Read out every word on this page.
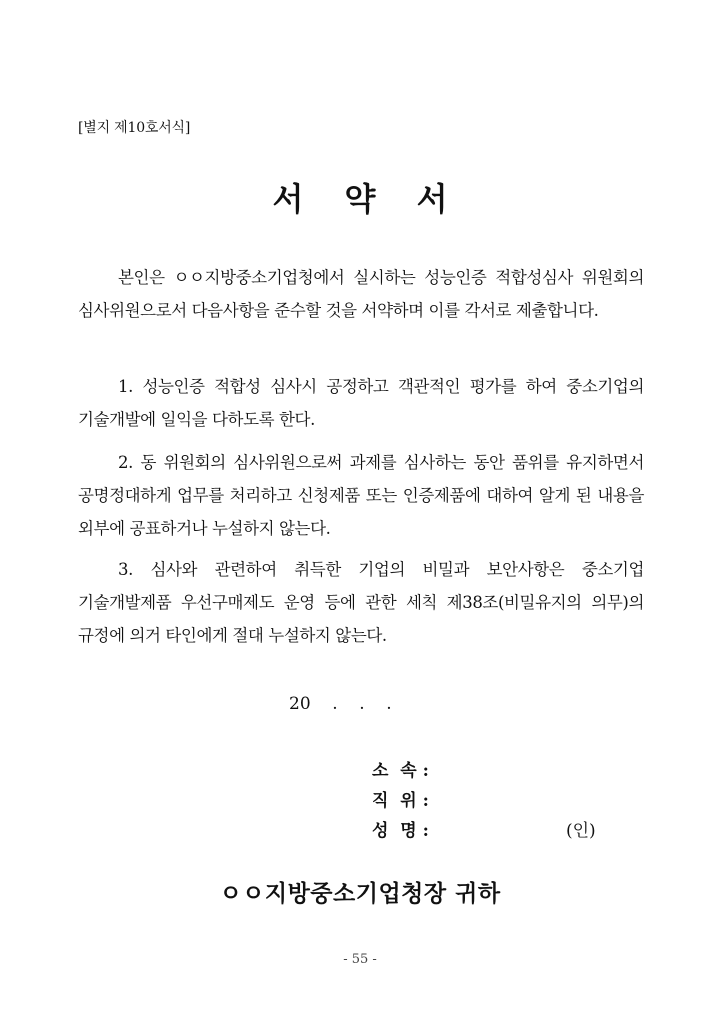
[별지 제10호서식]
서 약 서
본인은 ㅇㅇ지방중소기업청에서 실시하는 성능인증 적합성심사 위원회의 심사위원으로서 다음사항을 준수할 것을 서약하며 이를 각서로 제출합니다.
1. 성능인증 적합성 심사시 공정하고 객관적인 평가를 하여 중소기업의 기술개발에 일익을 다하도록 한다.
2. 동 위원회의 심사위원으로써 과제를 심사하는 동안 품위를 유지하면서 공명정대하게 업무를 처리하고 신청제품 또는 인증제품에 대하여 알게 된 내용을 외부에 공표하거나 누설하지 않는다.
3. 심사와 관련하여 취득한 기업의 비밀과 보안사항은 중소기업 기술개발제품 우선구매제도 운영 등에 관한 세칙 제38조(비밀유지의 의무)의 규정에 의거 타인에게 절대 누설하지 않는다.
20    .    .    .
소  속 :
직  위 :
성  명 :	(인)
ㅇㅇ지방중소기업청장 귀하
- 55 -
